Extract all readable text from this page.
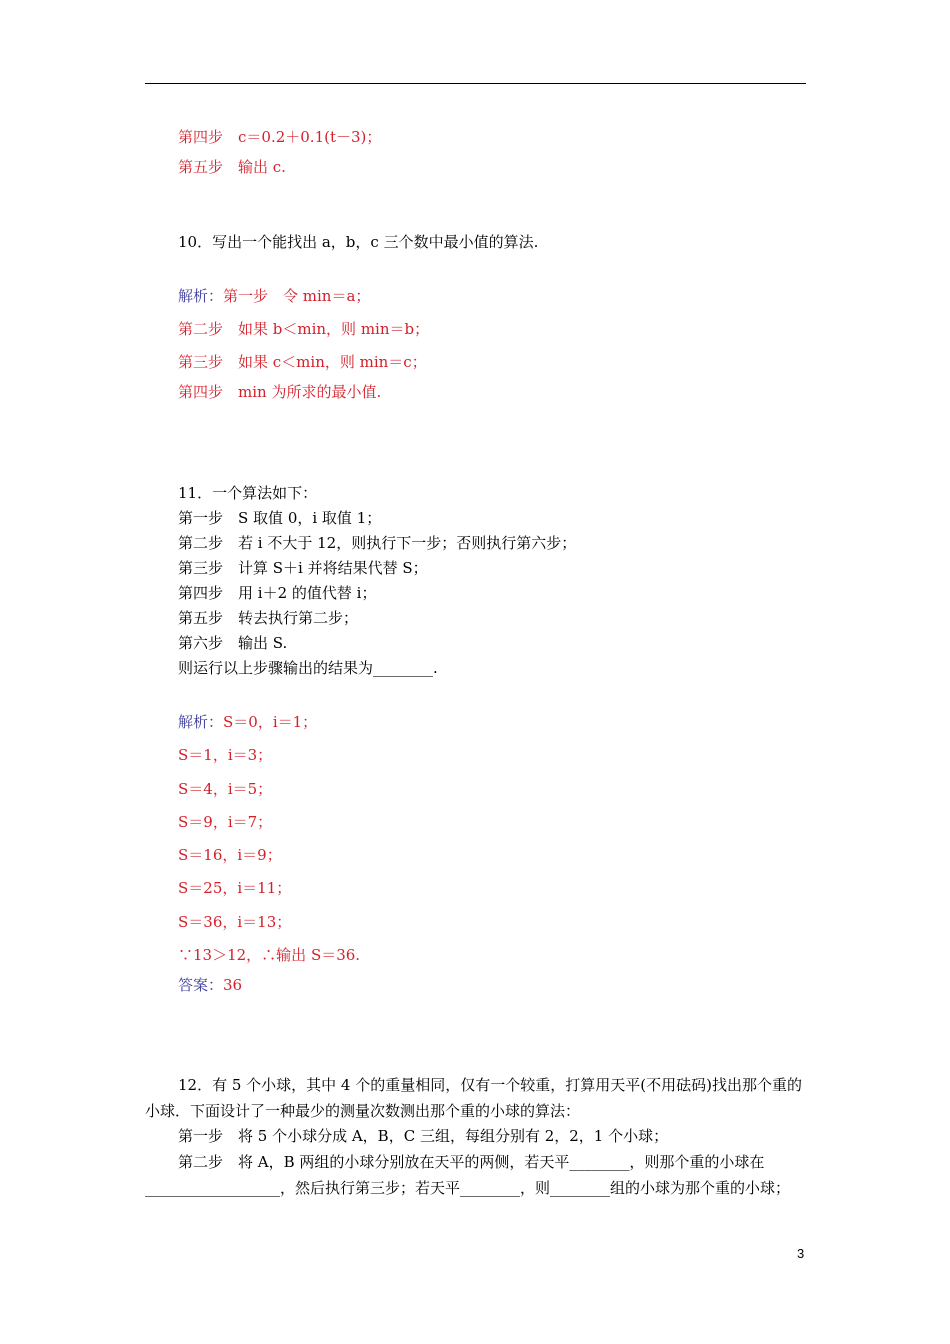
第四步　c＝0.2＋0.1(t－3)；
第五步　输出 c.
10．写出一个能找出 a，b，c 三个数中最小值的算法.
解析：第一步　令 min＝a；
第二步　如果 b＜min，则 min＝b；
第三步　如果 c＜min，则 min＝c；
第四步　min 为所求的最小值.
11．一个算法如下：
第一步　S 取值 0，i 取值 1；
第二步　若 i 不大于 12，则执行下一步；否则执行第六步；
第三步　计算 S＋i 并将结果代替 S；
第四步　用 i＋2 的值代替 i；
第五步　转去执行第二步；
第六步　输出 S.
则运行以上步骤输出的结果为________.
解析：S＝0，i＝1；
S＝1，i＝3；
S＝4，i＝5；
S＝9，i＝7；
S＝16，i＝9；
S＝25，i＝11；
S＝36，i＝13；
∵13＞12，∴输出 S＝36.
答案：36
12．有 5 个小球，其中 4 个的重量相同，仅有一个较重，打算用天平(不用砝码)找出那个重的小球．下面设计了一种最少的测量次数测出那个重的小球的算法：
第一步　将 5 个小球分成 A，B，C 三组，每组分别有 2，2，1 个小球；
第二步　将 A，B 两组的小球分别放在天平的两侧，若天平________，则那个重的小球在__________________，然后执行第三步；若天平________，则________组的小球为那个重的小球；
3
